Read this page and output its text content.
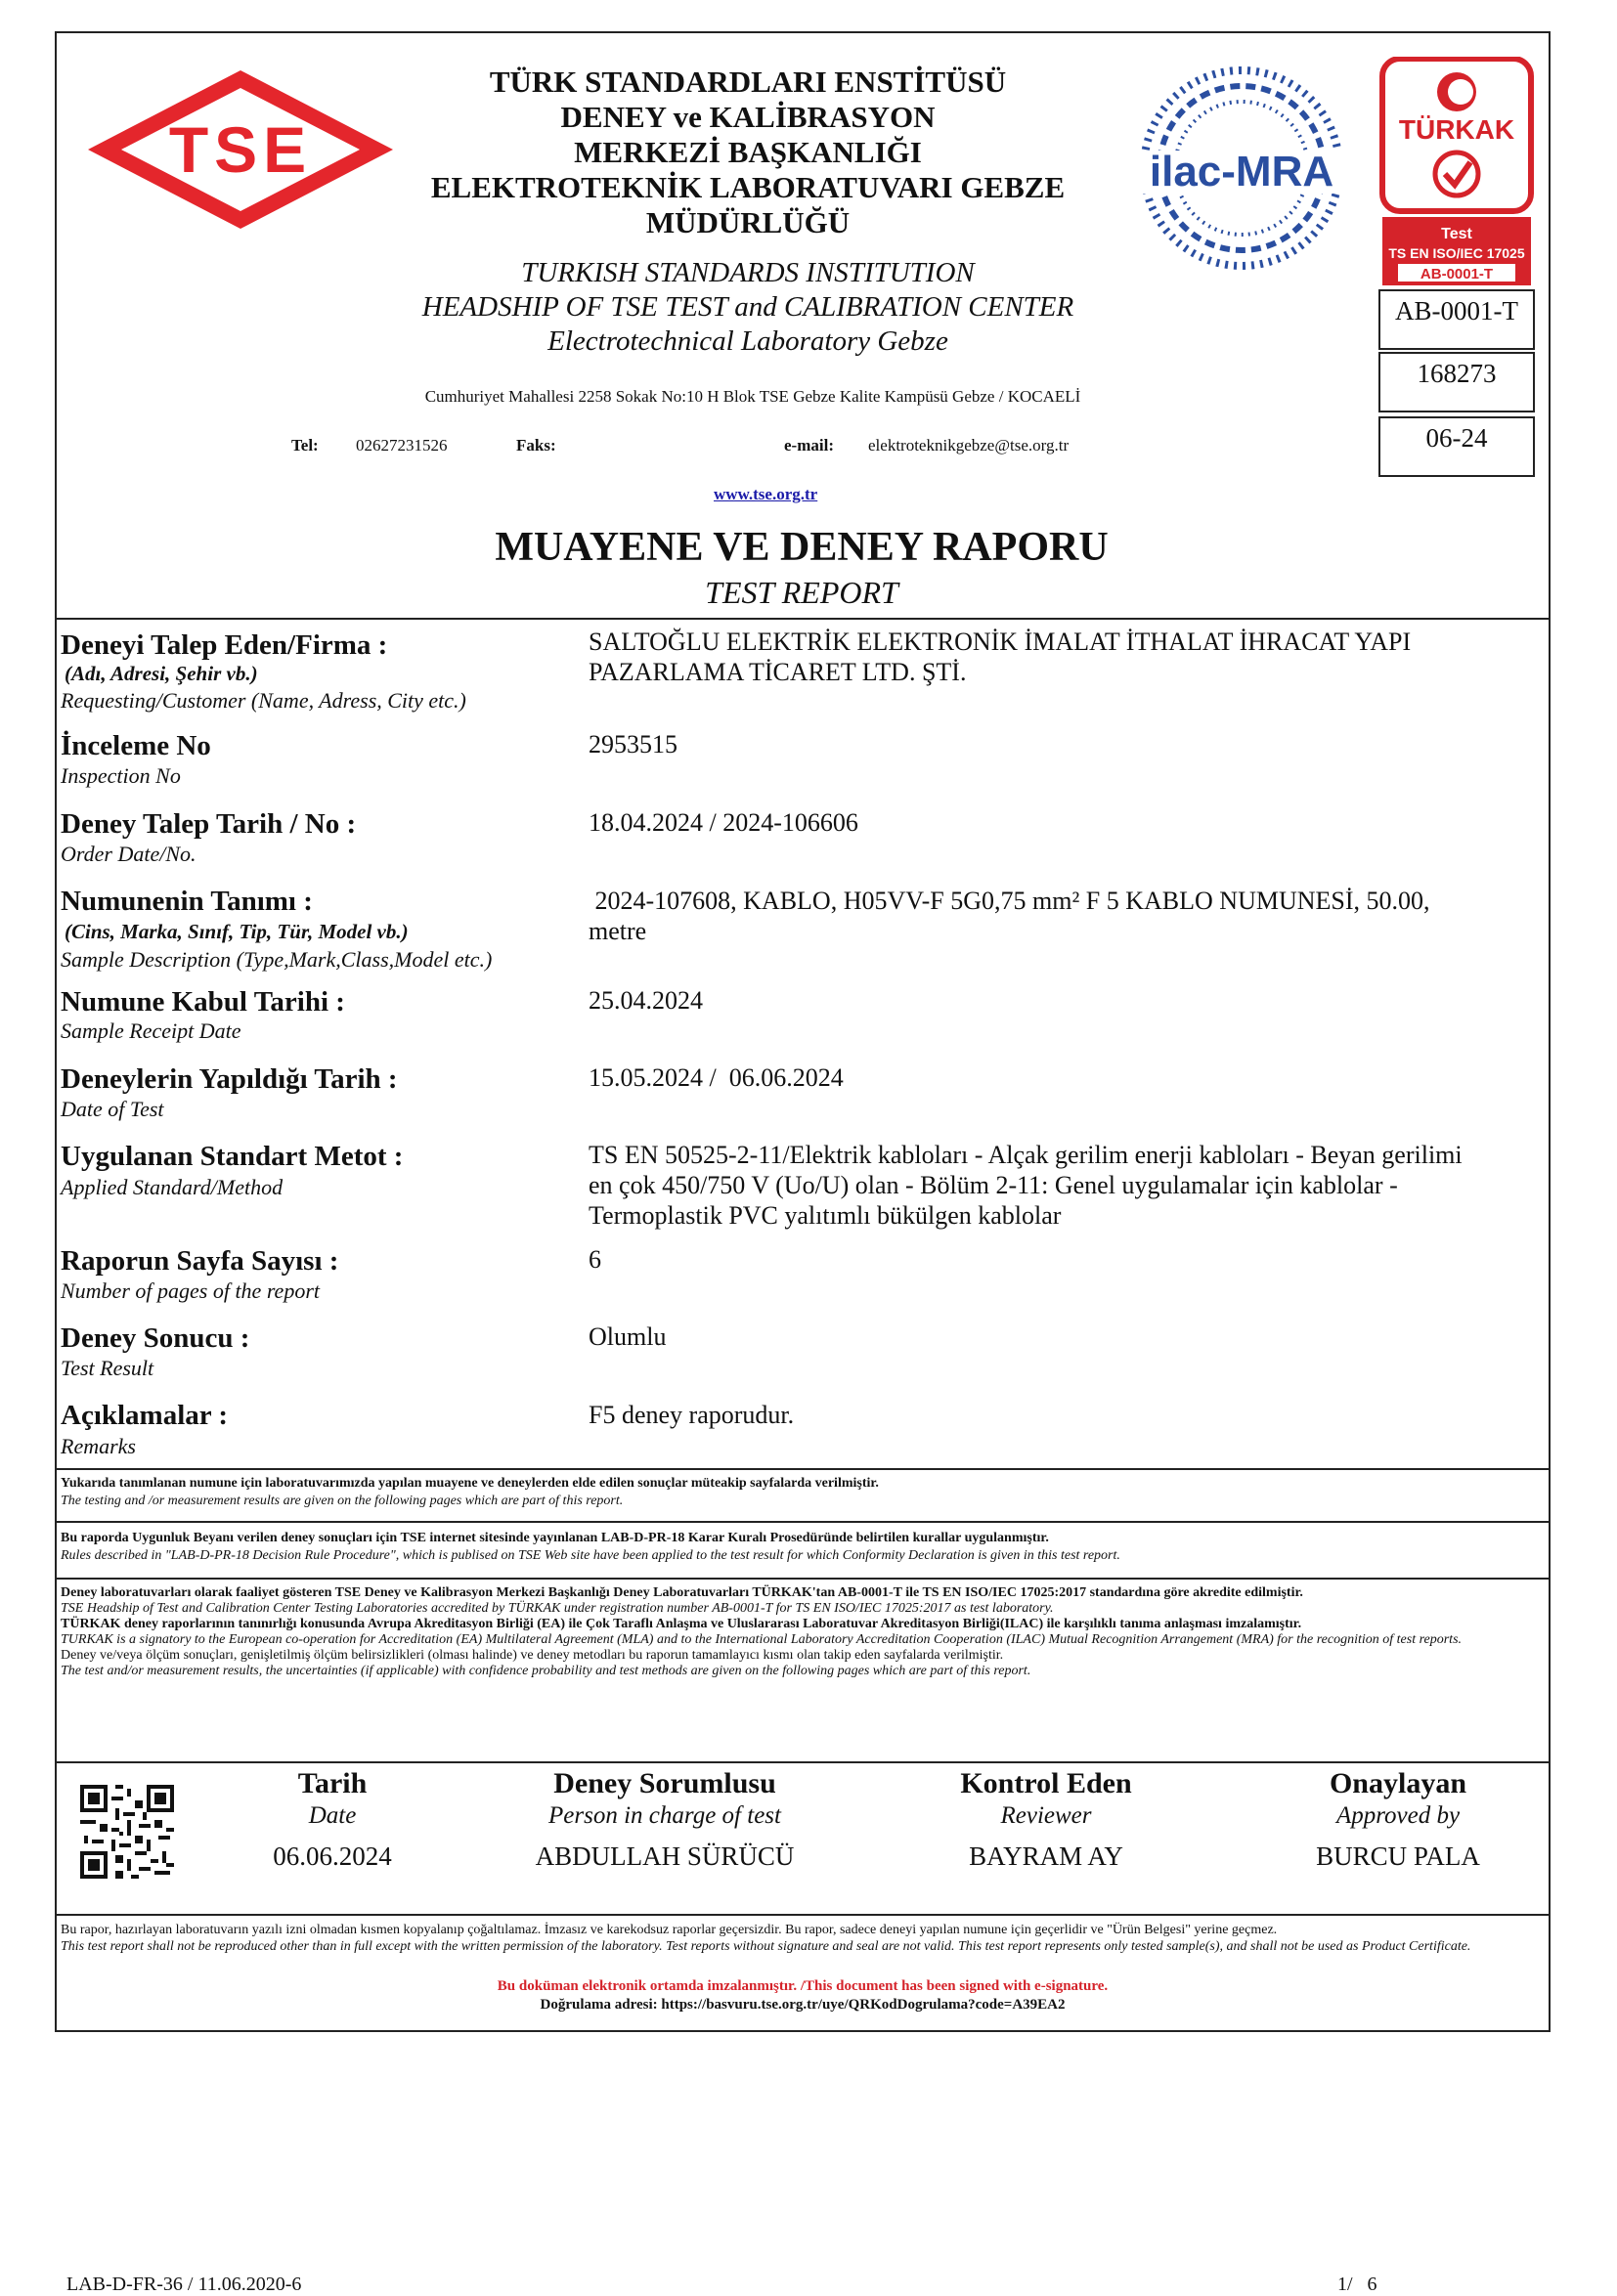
TSE
TÜRK STANDARDLARI ENSTİTÜSÜ
DENEY ve KALİBRASYON
MERKEZİ BAŞKANLIĞI
ELEKTROTEKNİK LABORATUVARI GEBZE
MÜDÜRLÜĞÜ
TURKISH STANDARDS INSTITUTION
HEADSHIP OF TSE TEST and CALIBRATION CENTER
Electrotechnical Laboratory Gebze
ilac-MRA
TÜRKAK
Test
TS EN ISO/IEC 17025
AB-0001-T
AB-0001-T
168273
06-24
Cumhuriyet Mahallesi 2258 Sokak No:10 H Blok TSE Gebze Kalite Kampüsü Gebze / KOCAELİ
Tel: 02627231526	Faks:	e-mail: elektroteknikgebze@tse.org.tr
www.tse.org.tr
MUAYENE VE DENEY RAPORU
TEST REPORT
Deneyi Talep Eden/Firma :
(Adı, Adresi, Şehir vb.)
Requesting/Customer (Name, Adress, City etc.)
SALTOĞLU ELEKTRİK ELEKTRONİK İMALAT İTHALAT İHRACAT YAPI
PAZARLAMA TİCARET LTD. ŞTİ.
İnceleme No
Inspection No
2953515
Deney Talep Tarih / No :
Order Date/No.
18.04.2024 / 2024-106606
Numunenin Tanımı :
(Cins, Marka, Sınıf, Tip, Tür, Model vb.)
Sample Description (Type,Mark,Class,Model etc.)
2024-107608, KABLO, H05VV-F 5G0,75 mm² F 5 KABLO NUMUNESİ, 50.00,
metre
Numune Kabul Tarihi :
Sample Receipt Date
25.04.2024
Deneylerin Yapıldığı Tarih :
Date of Test
15.05.2024 /  06.06.2024
Uygulanan Standart Metot :
Applied Standard/Method
TS EN 50525-2-11/Elektrik kabloları - Alçak gerilim enerji kabloları - Beyan gerilimi
en çok 450/750 V (Uo/U) olan - Bölüm 2-11: Genel uygulamalar için kablolar -
Termoplastik PVC yalıtımlı bükülgen kablolar
Raporun Sayfa Sayısı :
Number of pages of the report
6
Deney Sonucu :
Test Result
Olumlu
Açıklamalar :
Remarks
F5 deney raporudur.
Yukarıda tanımlanan numune için laboratuvarımızda yapılan muayene ve deneylerden elde edilen sonuçlar müteakip sayfalarda verilmiştir.
The testing and /or measurement results are given on the following pages which are part of this report.
Bu raporda Uygunluk Beyanı verilen deney sonuçları için TSE internet sitesinde yayınlanan LAB-D-PR-18 Karar Kuralı Prosedüründe belirtilen kurallar uygulanmıştır.
Rules described in "LAB-D-PR-18 Decision Rule Procedure", which is publised on TSE Web site have been applied to the test result for which Conformity Declaration is given in this test report.
Deney laboratuvarları olarak faaliyet gösteren TSE Deney ve Kalibrasyon Merkezi Başkanlığı Deney Laboratuvarları TÜRKAK'tan AB-0001-T ile TS EN ISO/IEC 17025:2017 standardına göre akredite edilmiştir.
TSE Headship of Test and Calibration Center Testing Laboratories accredited by TÜRKAK under registration number AB-0001-T for TS EN ISO/IEC 17025:2017 as test laboratory.
TÜRKAK deney raporlarının tanınırlığı konusunda Avrupa Akreditasyon Birliği (EA) ile Çok Taraflı Anlaşma ve Uluslararası Laboratuvar Akreditasyon Birliği(ILAC) ile karşılıklı tanıma anlaşması imzalamıştır.
TURKAK is a signatory to the European co-operation for Accreditation (EA) Multilateral Agreement (MLA) and to the International Laboratory Accreditation Cooperation (ILAC) Mutual Recognition Arrangement (MRA) for the recognition of test reports.
Deney ve/veya ölçüm sonuçları, genişletilmiş ölçüm belirsizlikleri (olması halinde) ve deney metodları bu raporun tamamlayıcı kısmı olan takip eden sayfalarda verilmiştir.
The test and/or measurement results, the uncertainties (if applicable) with confidence probability and test methods are given on the following pages which are part of this report.
Tarih
Date
06.06.2024
Deney Sorumlusu
Person in charge of test
ABDULLAH SÜRÜCÜ
Kontrol Eden
Reviewer
BAYRAM AY
Onaylayan
Approved by
BURCU PALA
Bu rapor, hazırlayan laboratuvarın yazılı izni olmadan kısmen kopyalanıp çoğaltılamaz. İmzasız ve karekodsuz raporlar geçersizdir. Bu rapor, sadece deneyi yapılan numune için geçerlidir ve "Ürün Belgesi" yerine geçmez.
This test report shall not be reproduced other than in full except with the written permission of the laboratory. Test reports without signature and seal are not valid. This test report represents only tested sample(s), and shall not be used as Product Certificate.
Bu doküman elektronik ortamda imzalanmıştır. /This document has been signed with e-signature.
Doğrulama adresi: https://basvuru.tse.org.tr/uye/QRKodDogrulama?code=A39EA2
LAB-D-FR-36 / 11.06.2020-6	1/   6
